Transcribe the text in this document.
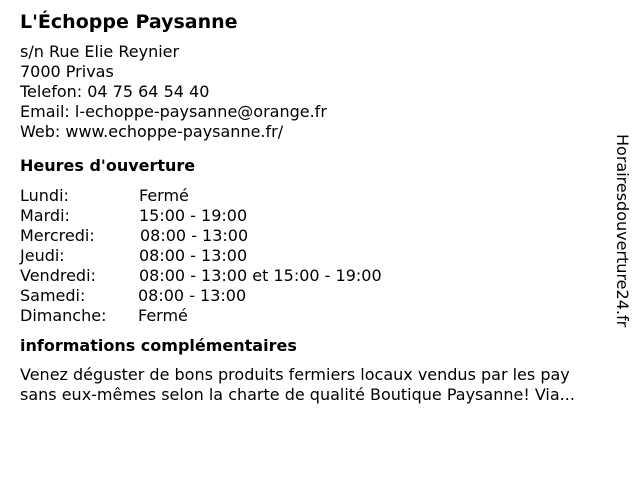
L'Échoppe Paysanne
s/n Rue Elie Reynier
7000 Privas
Telefon: 04 75 64 54 40
Email: l-echoppe-paysanne@orange.fr
Web: www.echoppe-paysanne.fr/
Heures d'ouverture
Lundi:	Fermé
Mardi:	15:00 - 19:00
Mercredi:	08:00 - 13:00
Jeudi:	08:00 - 13:00
Vendredi:	08:00 - 13:00 et 15:00 - 19:00
Samedi:	08:00 - 13:00
Dimanche:	Fermé
informations complémentaires
Venez déguster de bons produits fermiers locaux vendus par les pay
sans eux-mêmes selon la charte de qualité Boutique Paysanne! Via...
Horairesdouverture24.fr
